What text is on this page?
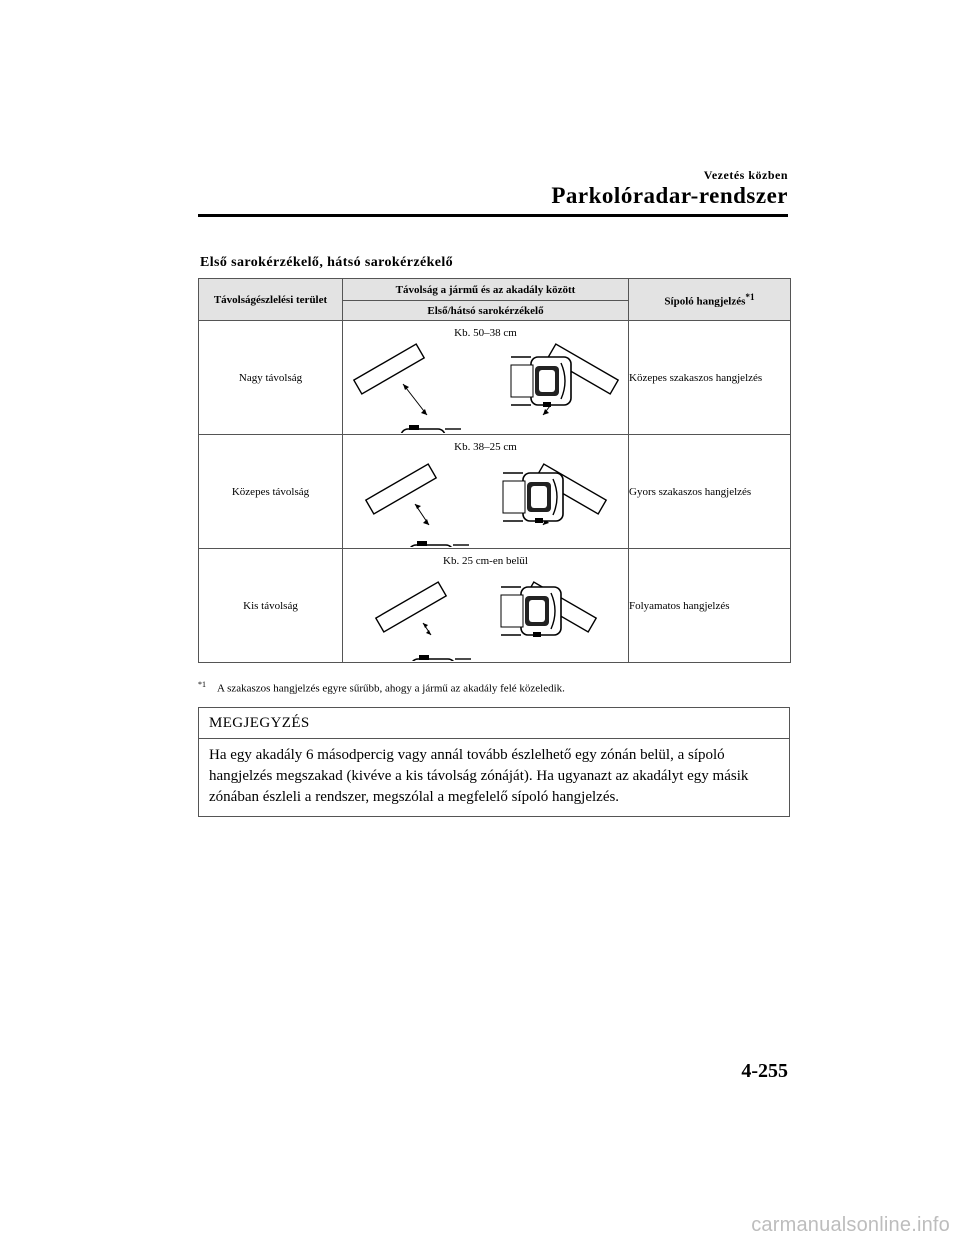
Vezetés közben
Parkolóradar-rendszer
Első sarokérzékelő, hátsó sarokérzékelő
Távolságészlelési terület	Távolság a jármű és az akadály között	Sípoló hangjelzés$^{*1}$
	Első/hátsó sarokérzékelő	
Nagy távolság	Kb. 50–38 cm	Közepes szakaszos hangjelzés
Közepes távolság	Kb. 38–25 cm	Gyors szakaszos hangjelzés
Kis távolság	Kb. 25 cm-en belül	Folyamatos hangjelzés
$^{*1}$ A szakaszos hangjelzés egyre sűrűbb, ahogy a jármű az akadály felé közeledik.
MEGJEGYZÉS
Ha egy akadály 6 másodpercig vagy annál tovább észlelhető egy zónán belül, a sípoló hangjelzés megszakad (kivéve a kis távolság zónáját). Ha ugyanazt az akadályt egy másik zónában észleli a rendszer, megszólal a megfelelő sípoló hangjelzés.
4-255
carmanualsonline.info
